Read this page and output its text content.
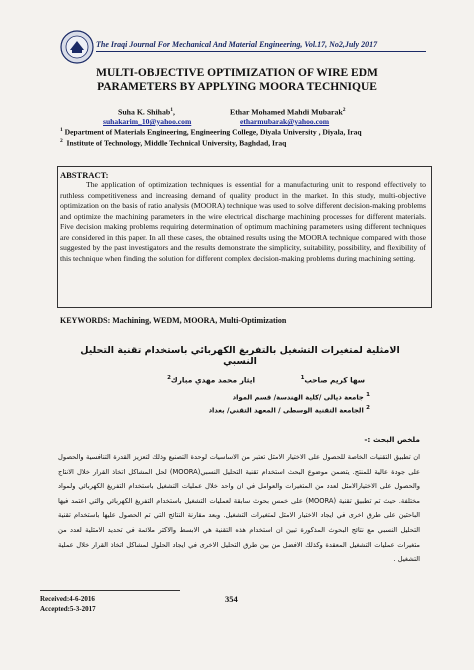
The Iraqi Journal For Mechanical And Material Engineering, Vol.17, No2,July 2017
MULTI-OBJECTIVE OPTIMIZATION OF WIRE EDM PARAMETERS BY APPLYING MOORA TECHNIQUE
Suha K. Shihab$^1$,	Ethar Mohamed Mahdi Mubarak$^2$
suhakarim_10@yahoo.com	etharmubarak@yahoo.com
$^1$ Department of Materials Engineering, Engineering College, Diyala University , Diyala, Iraq
$^2$ Institute of Technology, Middle Technical University, Baghdad, Iraq
ABSTRACT:
The application of optimization techniques is essential for a manufacturing unit to respond effectively to ruthless competitiveness and increasing demand of quality product in the market. In this study, multi-objective optimization on the basis of ratio analysis (MOORA) technique was used to solve different decision-making problems and optimize the machining parameters in the wire electrical discharge machining processes for different materials. Five decision making problems requiring determination of optimum machining parameters using different techniques are considered in this paper. In all these cases, the obtained results using the MOORA technique compared with those suggested by the past investigators and the results demonstrate the simplicity, suitability, possibility, and flexibility of this technique when finding the solution for different complex decision-making problems during machining setting.
KEYWORDS: Machining, WEDM, MOORA, Multi-Optimization
الامثلية لمتغيرات التشغيل بالتفريغ الكهربائي باستخدام تقنية التحليل النسبي
سها كريم صاحب$^1$
ايثار محمد مهدي مبارك$^2$
$^1$ جامعة ديالى /كلية الهندسة/ قسم المواد
$^2$ الجامعة التقنية الوسطى / المعهد التقني/ بغداد
ملخص البحث :-
ان تطبيق التقنيات الخاصة للحصول على الاختيار الامثل تعتبر من الاساسيات لوحدة التصنيع وذلك لتعزيز القدرة التنافسية والحصول على جودة عالية للمنتج. يتضمن موضوع البحث استخدام تقنية التحليل النسبي(MOORA) لحل المشاكل اتخاذ القرار خلال الانتاج والحصول على الاختيارالامثل لعدد من المتغيرات والعوامل في ان واحد خلال عمليات التشغيل باستخدام التفريغ الكهربائي ولمواد مختلفة. حيث تم تطبيق تقنية (MOORA) على خمس بحوث سابقة لعمليات التشغيل باستخدام التفريغ الكهربائي والتي اعتمد فيها الباحثين على طرق اخرى في ايجاد الاختيار الامثل لمتغيرات التشغيل. وبعد مقارنة النتائج التي تم الحصول عليها باستخدام تقنية التحليل النسبي مع نتائج البحوث المذكورة تبين ان استخدام هذه التقنية هي الابسط والاكثر ملائمة في تحديد الامثلية لعدد من متغيرات عمليات التشغيل المعقدة وكذلك الافضل من بين طرق التحليل الاخرى في ايجاد الحلول لمشاكل اتخاذ القرار خلال عملية التشغيل .
Received:4-6-2016
Accepted:5-3-2017
354
